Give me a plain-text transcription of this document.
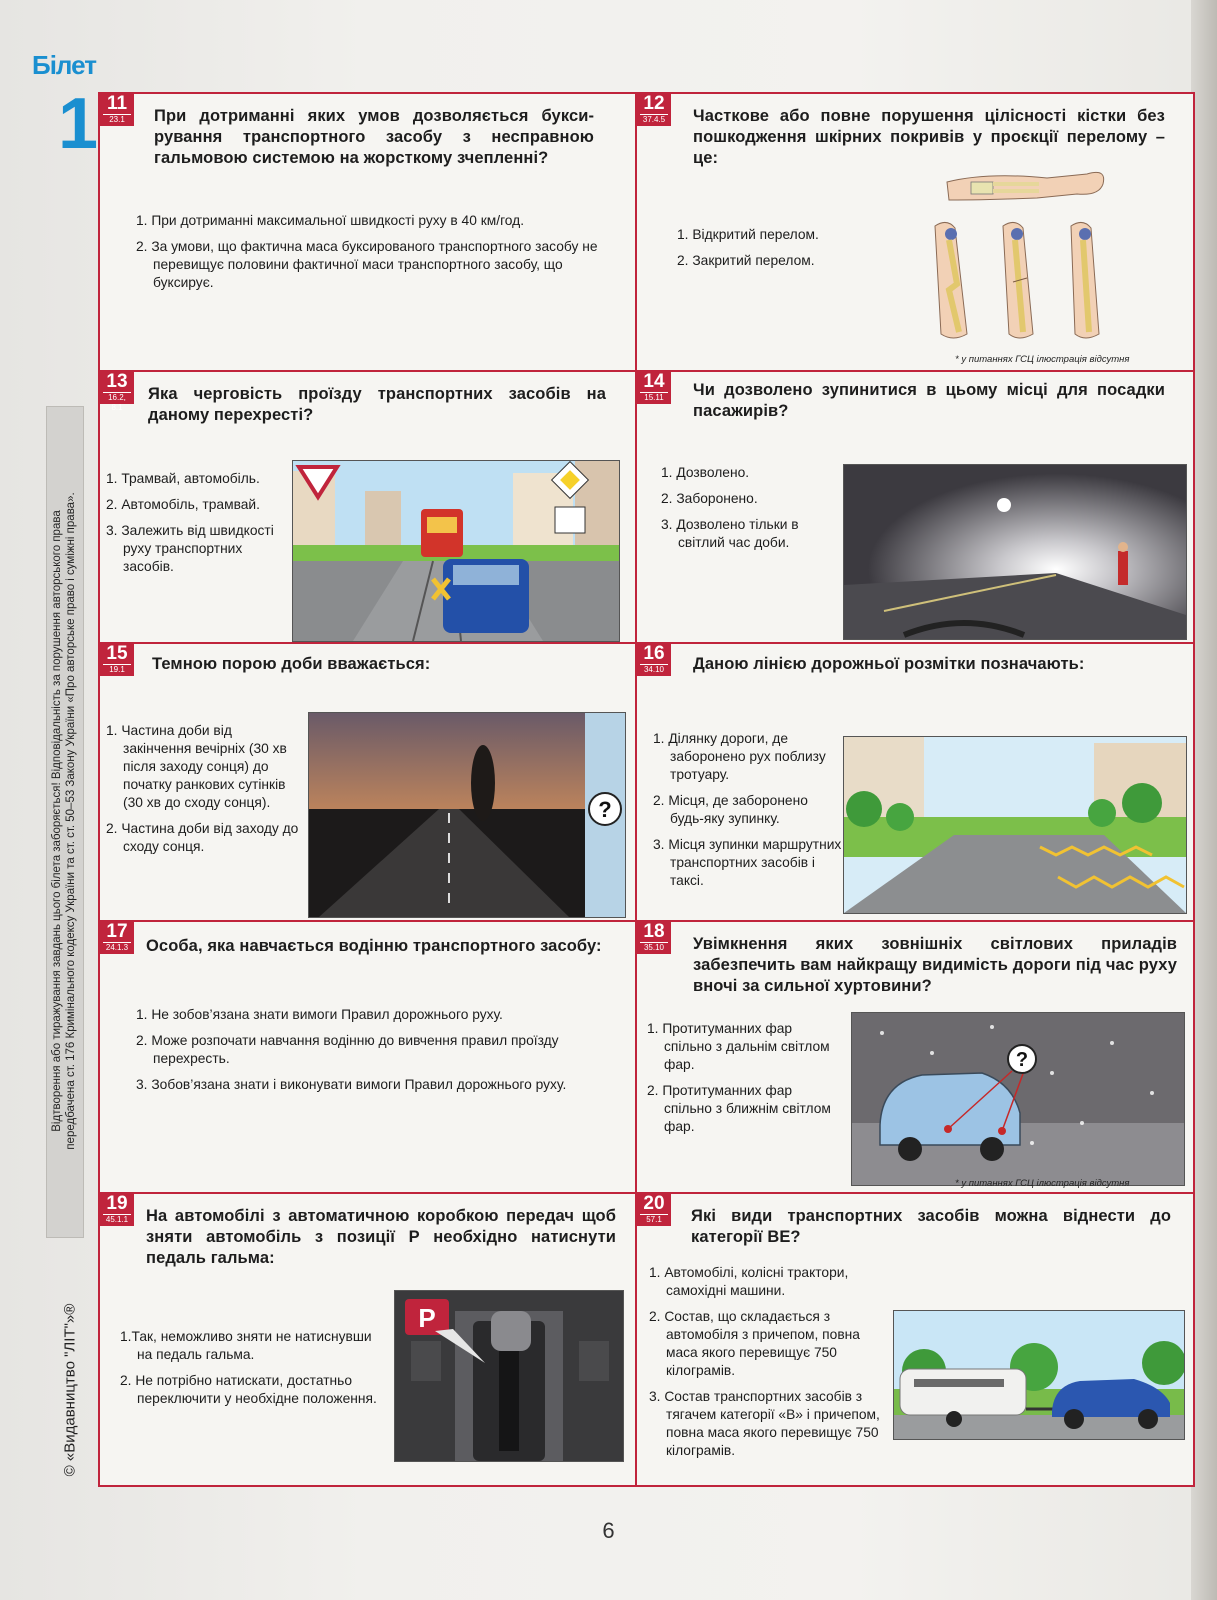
Білет
1
Відтворення або тиражування завдань цього білета заборяється! Відповідальність за порушення авторського права передбачена ст. 176 Кримінального кодексу України та ст. ст. 50–53 Закону України «Про авторське право і суміжні права».
© «Видавництво "ЛІТ"»®
11
23.1	При дотриманні яких умов дозволяється буксирування транспортного засобу з несправною гальмовою системою на жорсткому зчепленні?
1. При дотриманні максимальної швидкості руху в 40 км/год.
2. За умови, що фактична маса буксированого транспортного засобу не перевищує половини фактичної маси транспортного засобу, що буксирує.
12
37.4.5 Часткове або повне порушення цілісності кістки без пошкодження шкірних покривів у проєкції перелому – це:
1. Відкритий перелом.
2. Закритий перелом.
* у питаннях ГСЦ ілюстрація відсутня
13
16.2, 8.1
Яка черговість проїзду транспортних засобів на даному перехресті?
1. Трамвай, автомобіль.
2. Автомобіль, трамвай.
3. Залежить від швидкості руху транспортних засобів.
14
15.11 Чи дозволено зупинитися в цьому місці для посадки пасажирів?
1. Дозволено.
2. Заборонено.
3. Дозволено тільки в світлий час доби.
15
19.1	Темною порою доби вважається:
1. Частина доби від закінчення вечірніх (30 хв після заходу сонця) до початку ранкових сутінків (30 хв до сходу сонця).
2. Частина доби від заходу до сходу сонця.
?
16
34.10 Даною лінією дорожньої розмітки позначають:
1. Ділянку дороги, де заборонено рух поблизу тротуару.
2. Місця, де заборонено будь-яку зупинку.
3. Місця зупинки маршрутних транспортних засобів і таксі.
17
24.1.3 Особа, яка навчається водінню транспортного засобу:
1. Не зобов’язана знати вимоги Правил дорожнього руху.
2. Може розпочати навчання водінню до вивчення правил проїзду перехресть.
3. Зобов’язана знати і виконувати вимоги Правил дорожнього руху.
18
35.10 Увімкнення яких зовнішніх світлових приладів забезпечить вам найкращу видимість дороги під час руху вночі за сильної хуртовини?
1. Протитуманних фар спільно з дальнім світлом фар.
2. Протитуманних фар спільно з ближнім світлом фар.
?
* у питаннях ГСЦ ілюстрація відсутня
19
45.1.1 На автомобілі з автоматичною коробкою передач щоб зняти автомобіль з позиції Р необхідно натиснути педаль гальма:
1.Так, неможливо зняти не натиснувши на педаль гальма.
2. Не потрібно натискати, достатньо переключити у необхідне положення.
P
20
57.1	Які види транспортних засобів можна віднести до категорії ВЕ?
1. Автомобілі, колісні трактори, самохідні машини.
2. Состав, що складається з автомобіля з причепом, повна маса якого перевищує 750 кілограмів.
3. Состав транспортних засобів з тягачем категорії «В» і причепом, повна маса якого перевищує 750 кілограмів.
6
